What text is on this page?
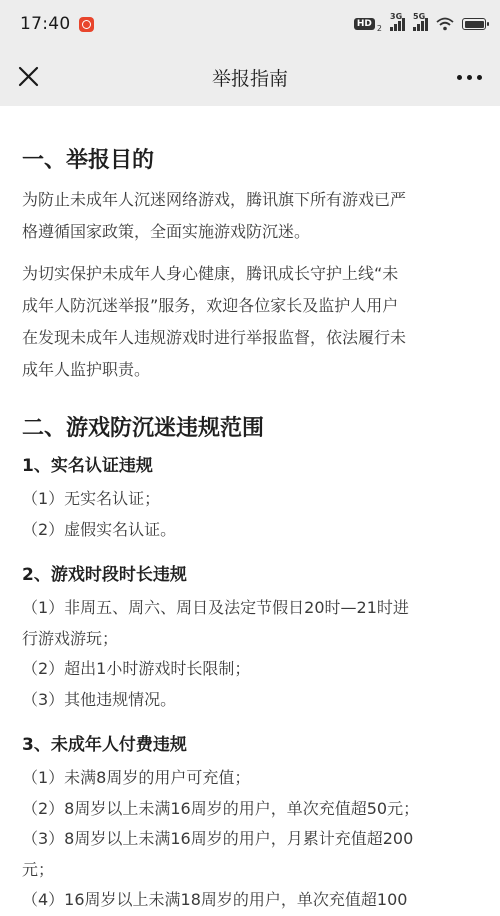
17:40	HD 2
3G 5G
举报指南
一、举报目的
为防止未成年人沉迷网络游戏，腾讯旗下所有游戏已严
格遵循国家政策，全面实施游戏防沉迷。
为切实保护未成年人身心健康，腾讯成长守护上线“未
成年人防沉迷举报”服务，欢迎各位家长及监护人用户
在发现未成年人违规游戏时进行举报监督，依法履行未
成年人监护职责。
二、游戏防沉迷违规范围
1、实名认证违规
（1）无实名认证；
（2）虚假实名认证。
2、游戏时段时长违规
（1）非周五、周六、周日及法定节假日20时—21时进
行游戏游玩；
（2）超出1小时游戏时长限制；
（3）其他违规情况。
3、未成年人付费违规
（1）未满8周岁的用户可充值；
（2）8周岁以上未满16周岁的用户，单次充值超50元；
（3）8周岁以上未满16周岁的用户，月累计充值超200
元；
（4）16周岁以上未满18周岁的用户，单次充值超100
